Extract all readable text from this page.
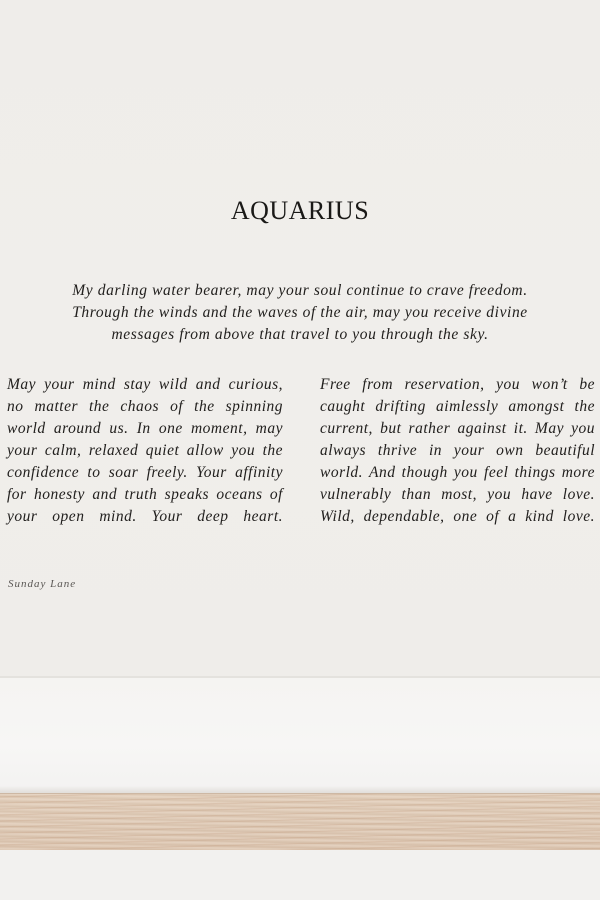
AQUARIUS
My darling water bearer, may your soul continue to crave freedom.
Through the winds and the waves of the air, may you receive divine
messages from above that travel to you through the sky.
May your mind stay wild and curious,
no matter the chaos of the spinning
world around us. In one moment, may
your calm, relaxed quiet allow you the
confidence to soar freely. Your affinity
for honesty and truth speaks oceans of
your open mind. Your deep heart.
Free from reservation, you won’t be
caught drifting aimlessly amongst the
current, but rather against it. May you
always thrive in your own beautiful
world. And though you feel things more
vulnerably than most, you have love.
Wild, dependable, one of a kind love.
Sunday Lane
